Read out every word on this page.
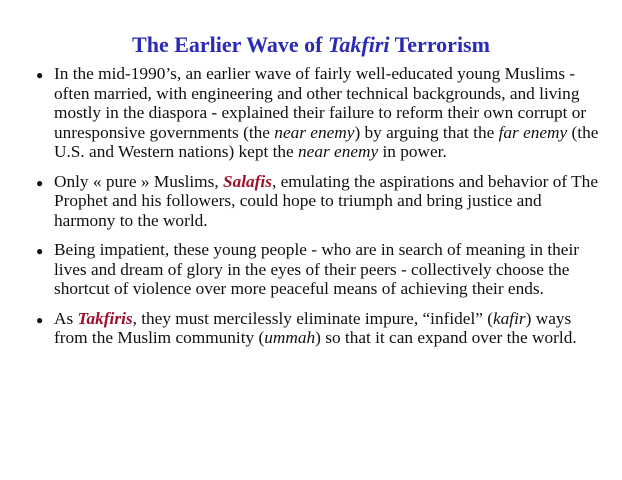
The Earlier Wave of Takfiri Terrorism
● In the mid-1990’s, an earlier wave of fairly well-educated young Muslims - often married, with engineering and other technical backgrounds, and living mostly in the diaspora - explained their failure to reform their own corrupt or unresponsive governments (the near enemy) by arguing that the far enemy (the U.S. and Western nations) kept the near enemy in power.
● Only « pure » Muslims, Salafis, emulating the aspirations and behavior of The Prophet and his followers, could hope to triumph and bring justice and harmony to the world.
● Being impatient, these young people - who are in search of meaning in their lives and dream of glory in the eyes of their peers - collectively choose the shortcut of violence over more peaceful means of achieving their ends.
● As Takfiris, they must mercilessly eliminate impure, “infidel” (kafir) ways from the Muslim community (ummah) so that it can expand over the world.
